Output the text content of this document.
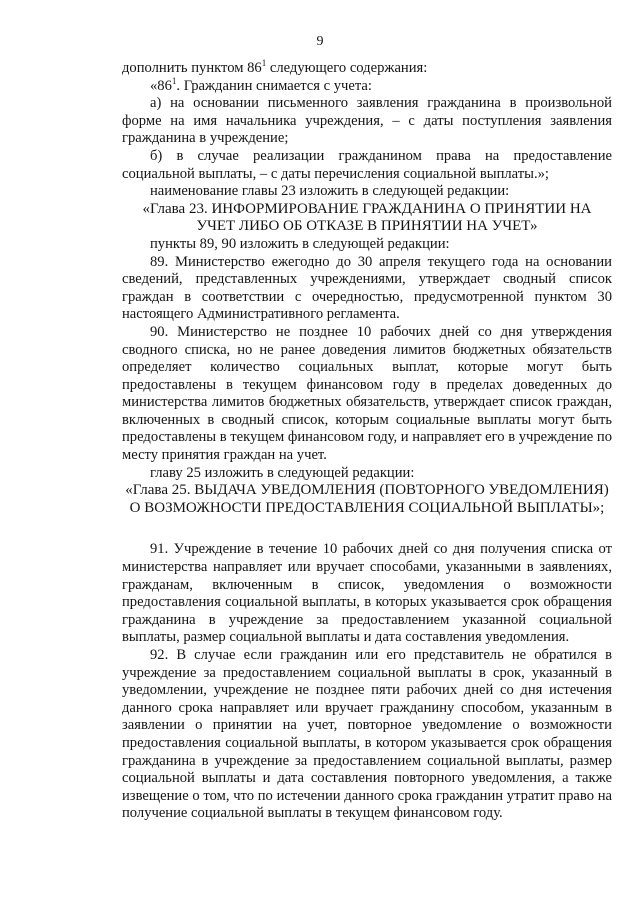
9

дополнить пунктом $86^1$ следующего содержания:

«$86^1$. Гражданин снимается с учета:

а) на основании письменного заявления гражданина в произвольной форме на имя начальника учреждения, – с даты поступления заявления гражданина в учреждение;

б) в случае реализации гражданином права на предоставление социальной выплаты, – с даты перечисления социальной выплаты.»;

наименование главы 23 изложить в следующей редакции:

«Глава 23. ИНФОРМИРОВАНИЕ ГРАЖДАНИНА О ПРИНЯТИИ НА УЧЕТ ЛИБО ОБ ОТКАЗЕ В ПРИНЯТИИ НА УЧЕТ»

пункты 89, 90 изложить в следующей редакции:

89. Министерство ежегодно до 30 апреля текущего года на основании сведений, представленных учреждениями, утверждает сводный список граждан в соответствии с очередностью, предусмотренной пунктом 30 настоящего Административного регламента.

90. Министерство не позднее 10 рабочих дней со дня утверждения сводного списка, но не ранее доведения лимитов бюджетных обязательств определяет количество социальных выплат, которые могут быть предоставлены в текущем финансовом году в пределах доведенных до министерства лимитов бюджетных обязательств, утверждает список граждан, включенных в сводный список, которым социальные выплаты могут быть предоставлены в текущем финансовом году, и направляет его в учреждение по месту принятия граждан на учет.

главу 25 изложить в следующей редакции:

«Глава 25. ВЫДАЧА УВЕДОМЛЕНИЯ (ПОВТОРНОГО УВЕДОМЛЕНИЯ) О ВОЗМОЖНОСТИ ПРЕДОСТАВЛЕНИЯ СОЦИАЛЬНОЙ ВЫПЛАТЫ»;

91. Учреждение в течение 10 рабочих дней со дня получения списка от министерства направляет или вручает способами, указанными в заявлениях, гражданам, включенным в список, уведомления о возможности предоставления социальной выплаты, в которых указывается срок обращения гражданина в учреждение за предоставлением указанной социальной выплаты, размер социальной выплаты и дата составления уведомления.

92. В случае если гражданин или его представитель не обратился в учреждение за предоставлением социальной выплаты в срок, указанный в уведомлении, учреждение не позднее пяти рабочих дней со дня истечения данного срока направляет или вручает гражданину способом, указанным в заявлении о принятии на учет, повторное уведомление о возможности предоставления социальной выплаты, в котором указывается срок обращения гражданина в учреждение за предоставлением социальной выплаты, размер социальной выплаты и дата составления повторного уведомления, а также извещение о том, что по истечении данного срока гражданин утратит право на получение социальной выплаты в текущем финансовом году.
